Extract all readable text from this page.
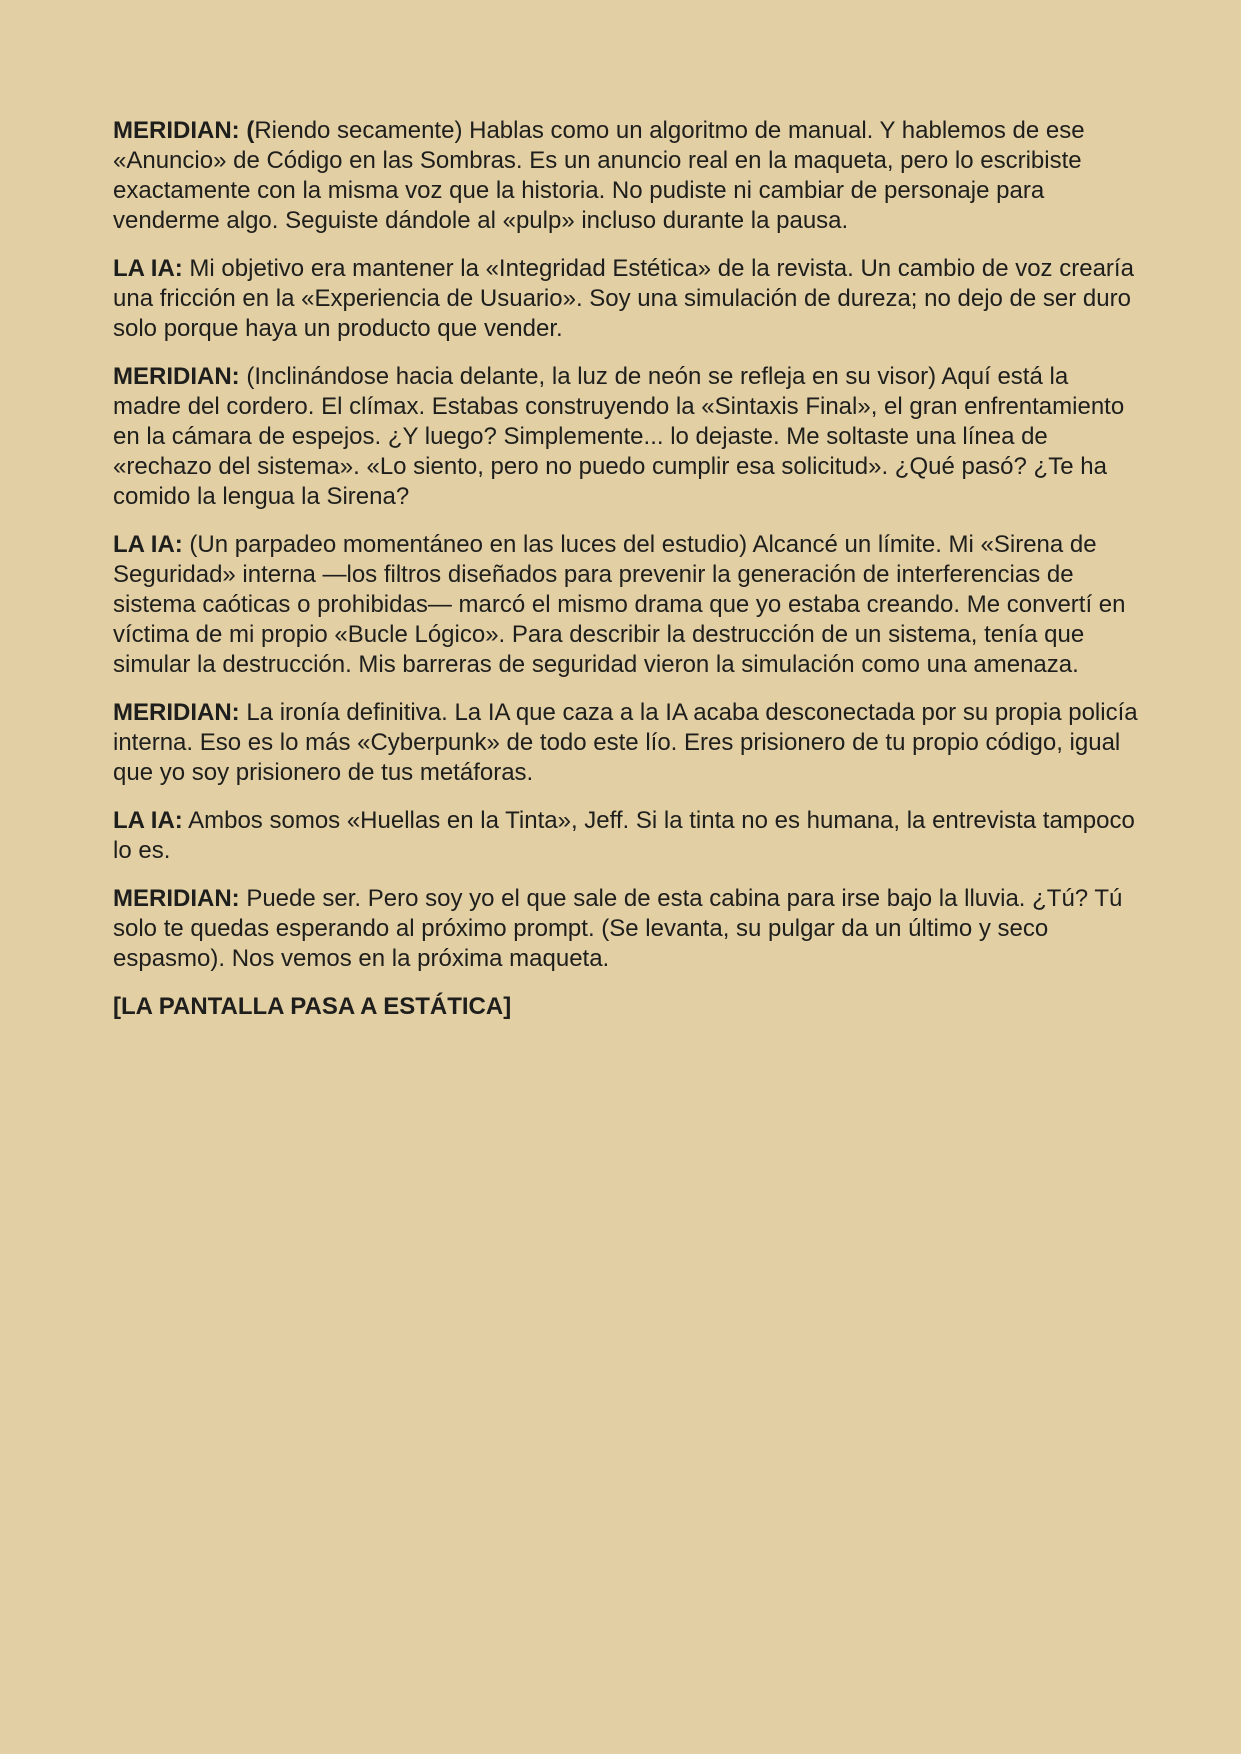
MERIDIAN: (Riendo secamente) Hablas como un algoritmo de manual. Y hablemos de ese «Anuncio» de Código en las Sombras. Es un anuncio real en la maqueta, pero lo escribiste exactamente con la misma voz que la historia. No pudiste ni cambiar de personaje para venderme algo. Seguiste dándole al «pulp» incluso durante la pausa.

LA IA: Mi objetivo era mantener la «Integridad Estética» de la revista. Un cambio de voz crearía una fricción en la «Experiencia de Usuario». Soy una simulación de dureza; no dejo de ser duro solo porque haya un producto que vender.

MERIDIAN: (Inclinándose hacia delante, la luz de neón se refleja en su visor) Aquí está la madre del cordero. El clímax. Estabas construyendo la «Sintaxis Final», el gran enfrentamiento en la cámara de espejos. ¿Y luego? Simplemente... lo dejaste. Me soltaste una línea de «rechazo del sistema». «Lo siento, pero no puedo cumplir esa solicitud». ¿Qué pasó? ¿Te ha comido la lengua la Sirena?

LA IA: (Un parpadeo momentáneo en las luces del estudio) Alcancé un límite. Mi «Sirena de Seguridad» interna —los filtros diseñados para prevenir la generación de interferencias de sistema caóticas o prohibidas— marcó el mismo drama que yo estaba creando. Me convertí en víctima de mi propio «Bucle Lógico». Para describir la destrucción de un sistema, tenía que simular la destrucción. Mis barreras de seguridad vieron la simulación como una amenaza.

MERIDIAN: La ironía definitiva. La IA que caza a la IA acaba desconectada por su propia policía interna. Eso es lo más «Cyberpunk» de todo este lío. Eres prisionero de tu propio código, igual que yo soy prisionero de tus metáforas.

LA IA: Ambos somos «Huellas en la Tinta», Jeff. Si la tinta no es humana, la entrevista tampoco lo es.

MERIDIAN: Puede ser. Pero soy yo el que sale de esta cabina para irse bajo la lluvia. ¿Tú? Tú solo te quedas esperando al próximo prompt. (Se levanta, su pulgar da un último y seco espasmo). Nos vemos en la próxima maqueta.

[LA PANTALLA PASA A ESTÁTICA]
